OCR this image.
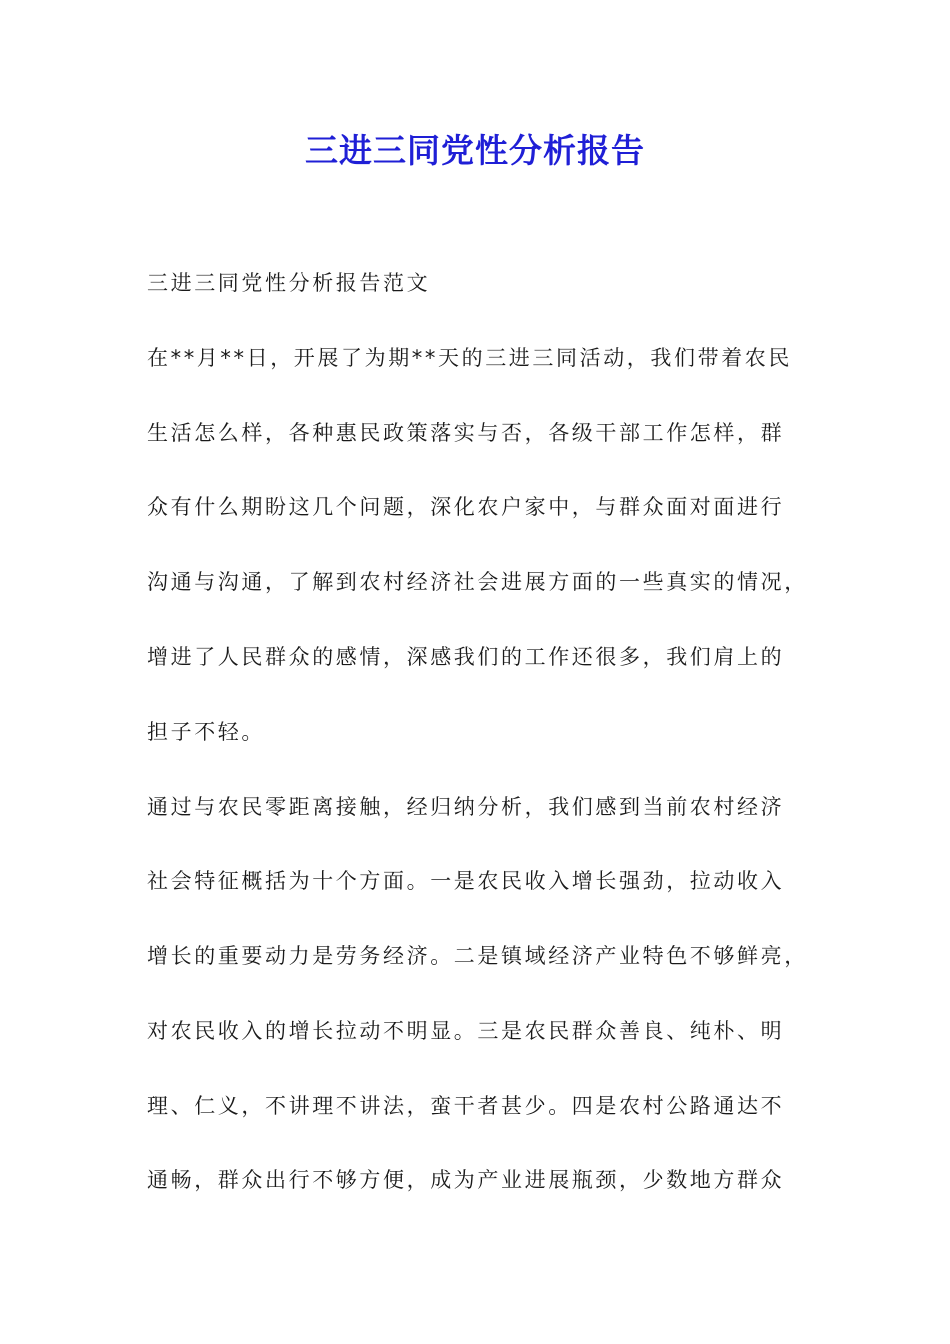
三进三同党性分析报告
三进三同党性分析报告范文
在**月**日，开展了为期**天的三进三同活动，我们带着农民
生活怎么样，各种惠民政策落实与否，各级干部工作怎样，群
众有什么期盼这几个问题，深化农户家中，与群众面对面进行
沟通与沟通，了解到农村经济社会进展方面的一些真实的情况，
增进了人民群众的感情，深感我们的工作还很多，我们肩上的
担子不轻。
通过与农民零距离接触，经归纳分析，我们感到当前农村经济
社会特征概括为十个方面。一是农民收入增长强劲，拉动收入
增长的重要动力是劳务经济。二是镇域经济产业特色不够鲜亮，
对农民收入的增长拉动不明显。三是农民群众善良、纯朴、明
理、仁义，不讲理不讲法，蛮干者甚少。四是农村公路通达不
通畅，群众出行不够方便，成为产业进展瓶颈，少数地方群众
